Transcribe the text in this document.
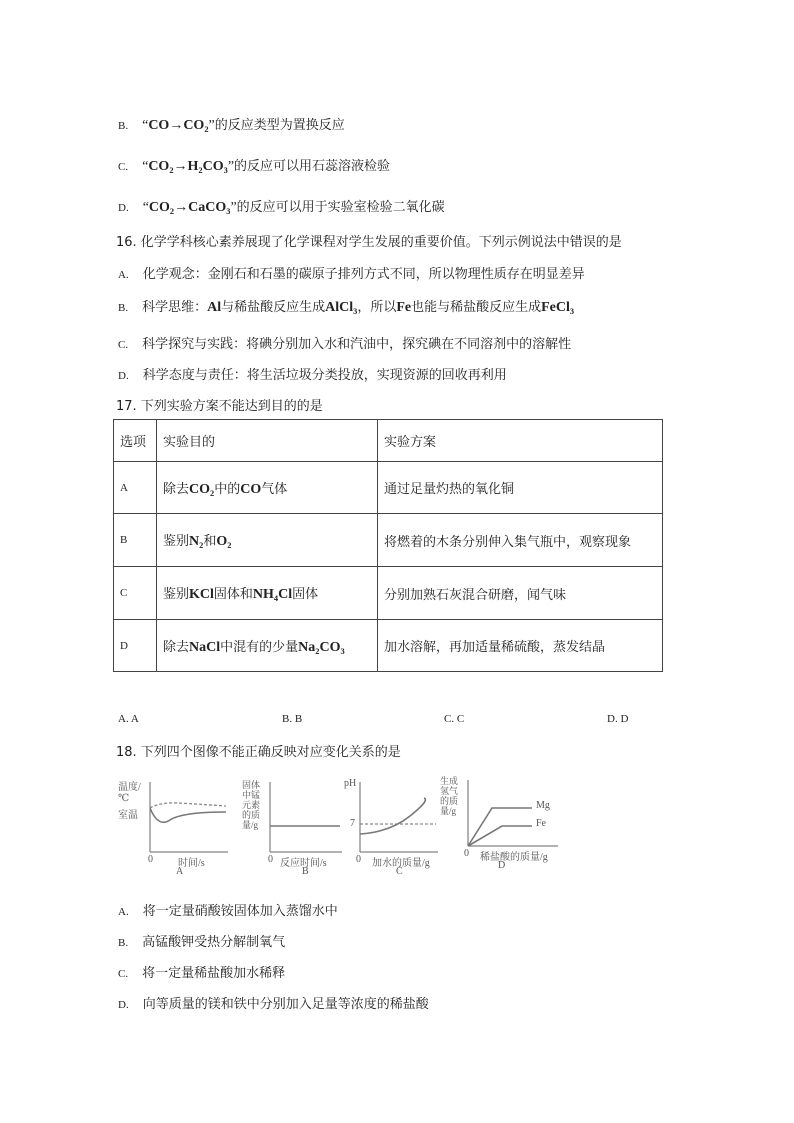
B. “CO→CO₂”的反应类型为置换反应
C. “CO₂→H₂CO₃”的反应可以用石蕊溶液检验
D. “CO₂→CaCO₃”的反应可以用于实验室检验二氧化碳
16. 化学学科核心素养展现了化学课程对学生发展的重要价值。下列示例说法中错误的是
A. 化学观念：金刚石和石墨的碳原子排列方式不同，所以物理性质存在明显差异
B. 科学思维：Al与稀盐酸反应生成AlCl₃，所以Fe也能与稀盐酸反应生成FeCl₃
C. 科学探究与实践：将碘分别加入水和汽油中，探究碘在不同溶剂中的溶解性
D. 科学态度与责任：将生活垃圾分类投放，实现资源的回收再利用
17. 下列实验方案不能达到目的的是
选项	实验目的	实验方案
A	除去CO₂中的CO气体	通过足量灼热的氧化铜
B	鉴别N₂和O₂	将燃着的木条分别伸入集气瓶中，观察现象
C	鉴别KCl固体和NH₄Cl固体	分别加熟石灰混合研磨，闻气味
D	除去NaCl中混有的少量Na₂CO₃	加水溶解，再加适量稀硫酸，蒸发结晶
A. A	B. B	C. C	D. D
18. 下列四个图像不能正确反映对应变化关系的是
温度/℃
室温
0	时间/s
A
固体中锰元素的质量/g
0 反应时间/s
B
pH
7
0 加水的质量/g
C
生成氢气的质量/g	Mg
Fe
0 稀盐酸的质量/g
D
A. 将一定量硝酸铵固体加入蒸馏水中
B. 高锰酸钾受热分解制氧气
C. 将一定量稀盐酸加水稀释
D. 向等质量的镁和铁中分别加入足量等浓度的稀盐酸
